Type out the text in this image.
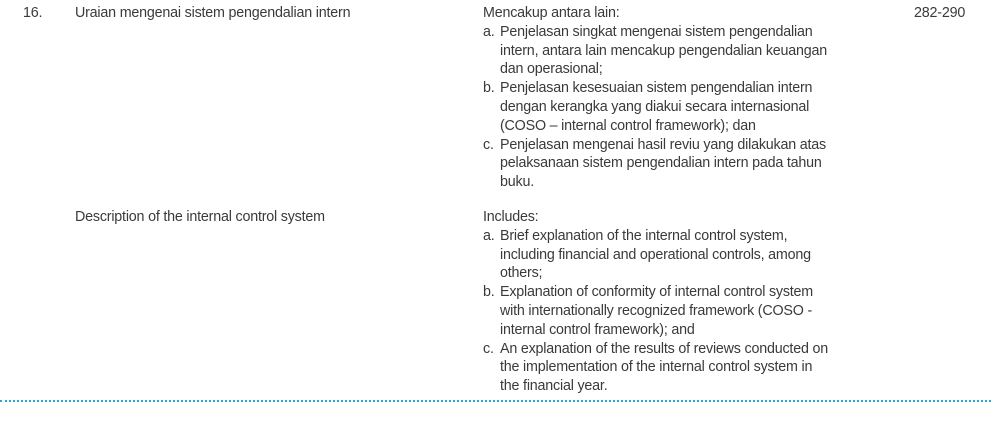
16. Uraian mengenai sistem pengendalian intern
Description of the internal control system
Mencakup antara lain:
a. Penjelasan singkat mengenai sistem pengendalian
intern, antara lain mencakup pengendalian keuangan
dan operasional;
b. Penjelasan kesesuaian sistem pengendalian intern
dengan kerangka yang diakui secara internasional
(COSO – internal control framework); dan
c. Penjelasan mengenai hasil reviu yang dilakukan atas
pelaksanaan sistem pengendalian intern pada tahun
buku.
Includes:
a. Brief explanation of the internal control system,
including financial and operational controls, among
others;
b. Explanation of conformity of internal control system
with internationally recognized framework (COSO -
internal control framework); and
c. An explanation of the results of reviews conducted on
the implementation of the internal control system in
the financial year.
282-290
